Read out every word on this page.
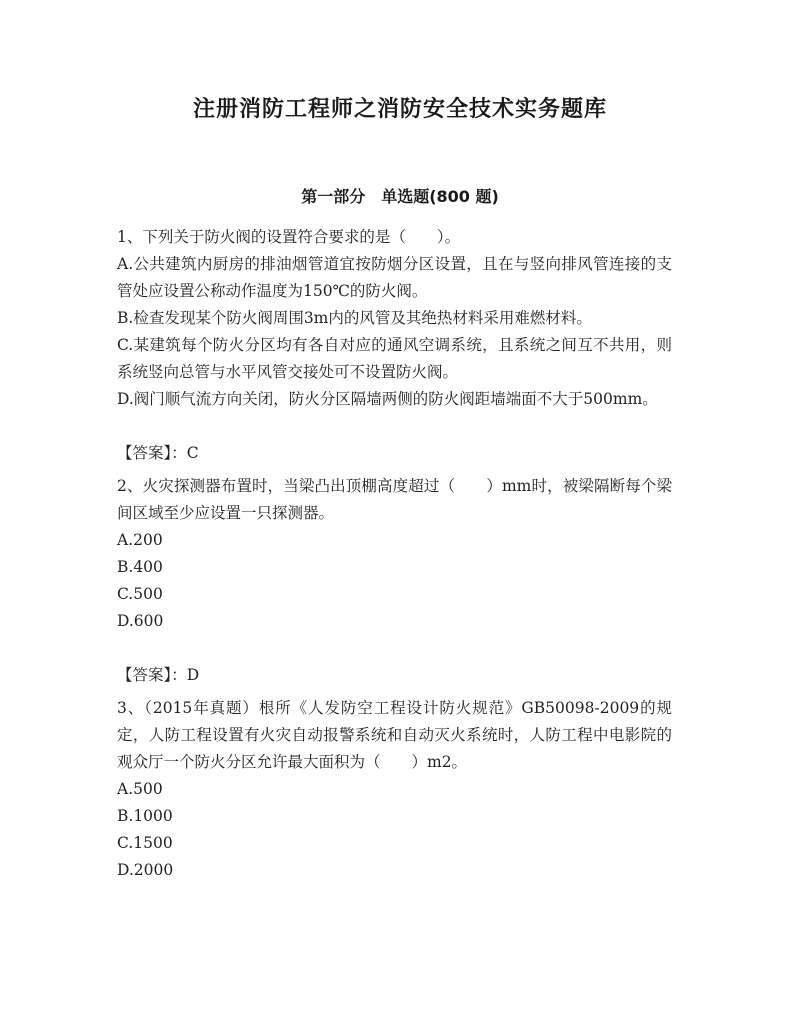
注册消防工程师之消防安全技术实务题库
第一部分　单选题(800 题)

1、下列关于防火阀的设置符合要求的是（　　）。

A.公共建筑内厨房的排油烟管道宜按防烟分区设置，且在与竖向排风管连接的支管处应设置公称动作温度为150℃的防火阀。

B.检查发现某个防火阀周围3m内的风管及其绝热材料采用难燃材料。

C.某建筑每个防火分区均有各自对应的通风空调系统，且系统之间互不共用，则系统竖向总管与水平风管交接处可不设置防火阀。

D.阀门顺气流方向关闭，防火分区隔墙两侧的防火阀距墙端面不大于500mm。

【答案】：C

2、火灾探测器布置时，当梁凸出顶棚高度超过（　　）mm时，被梁隔断每个梁间区域至少应设置一只探测器。

A.200

B.400

C.500

D.600

【答案】：D

3、（2015年真题）根所《人发防空工程设计防火规范》GB50098-2009的规定，人防工程设置有火灾自动报警系统和自动灭火系统时，人防工程中电影院的观众厅一个防火分区允许最大面积为（　　）m2。

A.500

B.1000

C.1500

D.2000
